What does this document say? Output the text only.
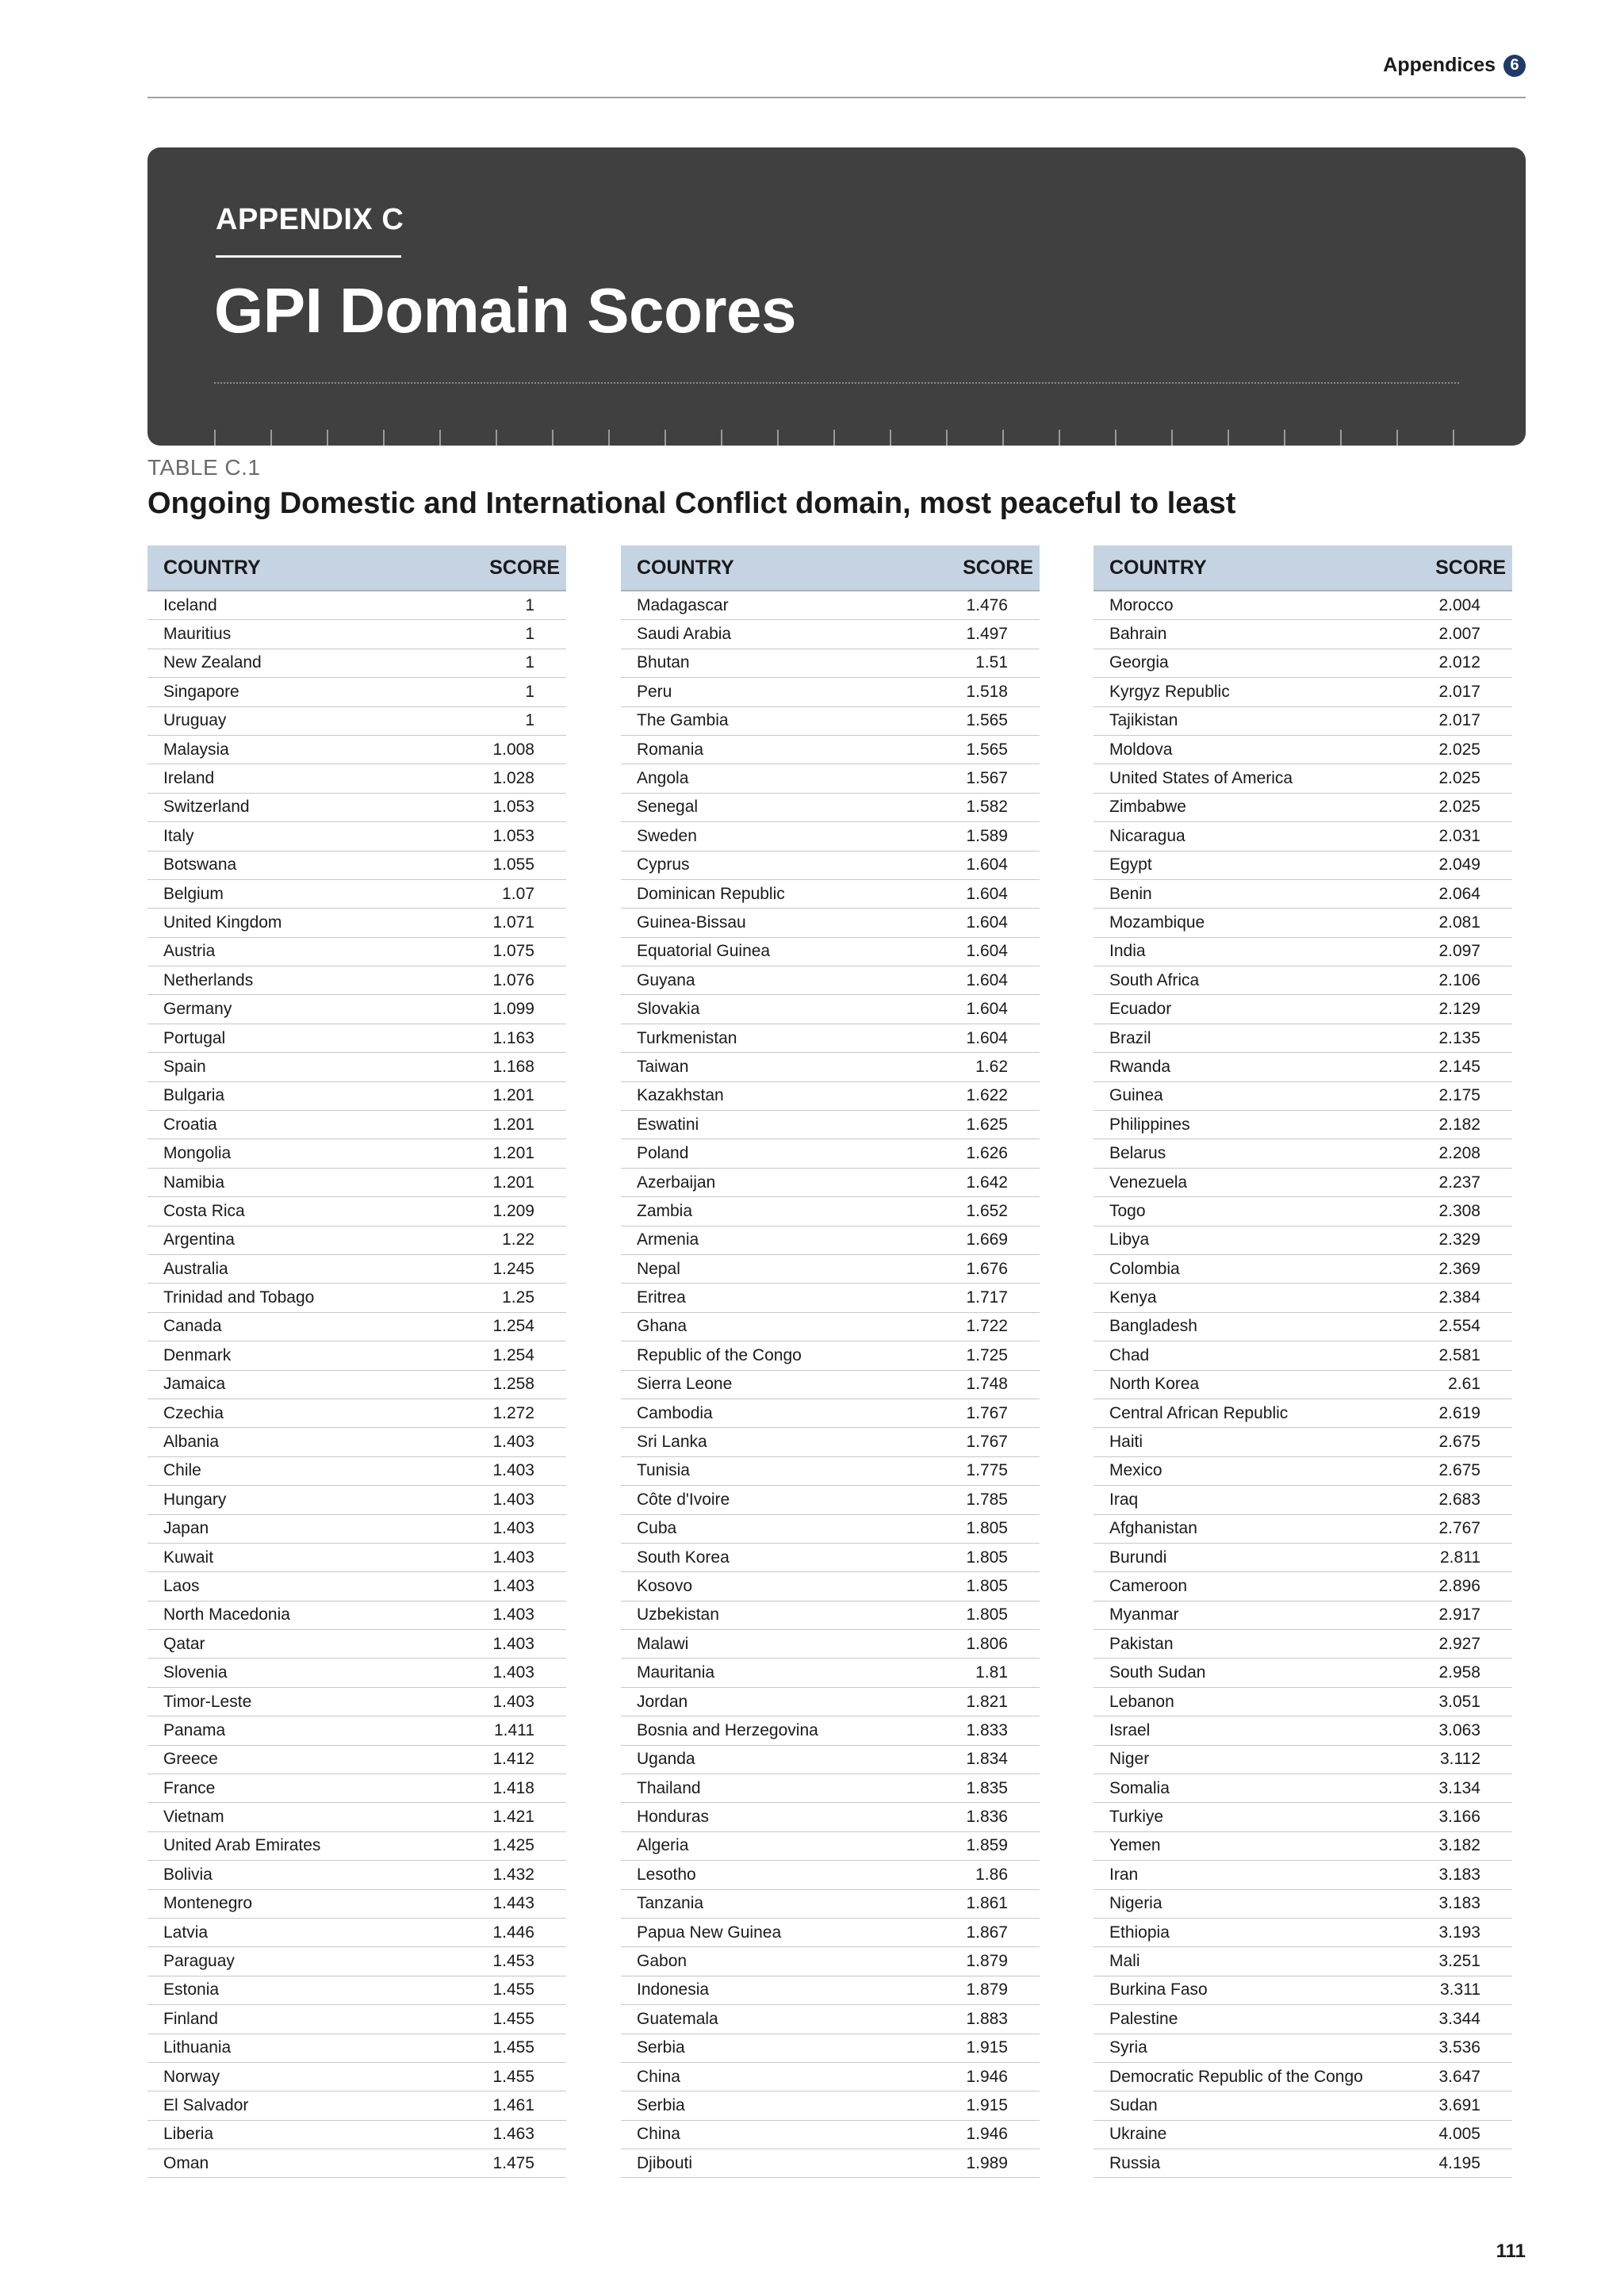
Appendices 6
APPENDIX C
GPI Domain Scores
TABLE C.1
Ongoing Domestic and International Conflict domain, most peaceful to least
COUNTRY	SCORE
Iceland	1
Mauritius	1
New Zealand	1
Singapore	1
Uruguay	1
Malaysia	1.008
Ireland	1.028
Switzerland	1.053
Italy	1.053
Botswana	1.055
Belgium	1.07
United Kingdom	1.071
Austria	1.075
Netherlands	1.076
Germany	1.099
Portugal	1.163
Spain	1.168
Bulgaria	1.201
Croatia	1.201
Mongolia	1.201
Namibia	1.201
Costa Rica	1.209
Argentina	1.22
Australia	1.245
Trinidad and Tobago	1.25
Canada	1.254
Denmark	1.254
Jamaica	1.258
Czechia	1.272
Albania	1.403
Chile	1.403
Hungary	1.403
Japan	1.403
Kuwait	1.403
Laos	1.403
North Macedonia	1.403
Qatar	1.403
Slovenia	1.403
Timor-Leste	1.403
Panama	1.411
Greece	1.412
France	1.418
Vietnam	1.421
United Arab Emirates	1.425
Bolivia	1.432
Montenegro	1.443
Latvia	1.446
Paraguay	1.453
Estonia	1.455
Finland	1.455
Lithuania	1.455
Norway	1.455
El Salvador	1.461
Liberia	1.463
Oman	1.475
COUNTRY	SCORE
Madagascar	1.476
Saudi Arabia	1.497
Bhutan	1.51
Peru	1.518
The Gambia	1.565
Romania	1.565
Angola	1.567
Senegal	1.582
Sweden	1.589
Cyprus	1.604
Dominican Republic	1.604
Guinea-Bissau	1.604
Equatorial Guinea	1.604
Guyana	1.604
Slovakia	1.604
Turkmenistan	1.604
Taiwan	1.62
Kazakhstan	1.622
Eswatini	1.625
Poland	1.626
Azerbaijan	1.642
Zambia	1.652
Armenia	1.669
Nepal	1.676
Eritrea	1.717
Ghana	1.722
Republic of the Congo	1.725
Sierra Leone	1.748
Cambodia	1.767
Sri Lanka	1.767
Tunisia	1.775
Côte d'Ivoire	1.785
Cuba	1.805
South Korea	1.805
Kosovo	1.805
Uzbekistan	1.805
Malawi	1.806
Mauritania	1.81
Jordan	1.821
Bosnia and Herzegovina	1.833
Uganda	1.834
Thailand	1.835
Honduras	1.836
Algeria	1.859
Lesotho	1.86
Tanzania	1.861
Papua New Guinea	1.867
Gabon	1.879
Indonesia	1.879
Guatemala	1.883
Serbia	1.915
China	1.946
Serbia	1.915
China	1.946
Djibouti	1.989
COUNTRY	SCORE
Morocco	2.004
Bahrain	2.007
Georgia	2.012
Kyrgyz Republic	2.017
Tajikistan	2.017
Moldova	2.025
United States of America	2.025
Zimbabwe	2.025
Nicaragua	2.031
Egypt	2.049
Benin	2.064
Mozambique	2.081
India	2.097
South Africa	2.106
Ecuador	2.129
Brazil	2.135
Rwanda	2.145
Guinea	2.175
Philippines	2.182
Belarus	2.208
Venezuela	2.237
Togo	2.308
Libya	2.329
Colombia	2.369
Kenya	2.384
Bangladesh	2.554
Chad	2.581
North Korea	2.61
Central African Republic	2.619
Haiti	2.675
Mexico	2.675
Iraq	2.683
Afghanistan	2.767
Burundi	2.811
Cameroon	2.896
Myanmar	2.917
Pakistan	2.927
South Sudan	2.958
Lebanon	3.051
Israel	3.063
Niger	3.112
Somalia	3.134
Turkiye	3.166
Yemen	3.182
Iran	3.183
Nigeria	3.183
Ethiopia	3.193
Mali	3.251
Burkina Faso	3.311
Palestine	3.344
Syria	3.536
Democratic Republic of the Congo	3.647
Sudan	3.691
Ukraine	4.005
Russia	4.195
111
